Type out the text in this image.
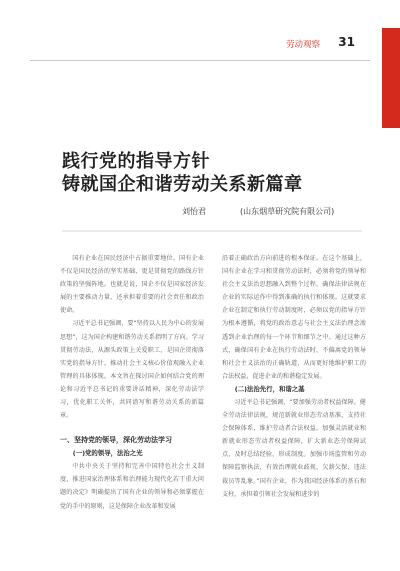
劳动观察 31
践行党的指导方针
铸就国企和谐劳动关系新篇章
刘怡君	(山东烟草研究院有限公司)

国有企业在国民经济中占据重要地位。国有企业不仅是国民经济的坚实基础，更是贯彻党的路线方针政策的坚强阵地。也就是说，国企不仅是国家经济发展的主要推动力量，还承担着重要的社会责任和政治使命。

习近平总书记强调，要“坚持以人民为中心的发展思想”，这为国企构建和谐劳动关系指明了方向。学习贯彻劳动法，从源头政策上关爱职工，是国企贯彻落实党的指导方针、推动社会主义核心价值观融入企业管理的具体体现。本文旨在探讨国企如何结合党的理论和习近平总书记的重要讲话精神，深化劳动法学习，优化职工关怀，共同谱写和谐劳动关系的新篇章。

一、坚持党的领导，深化劳动法学习
(一)党的领导，法治之光

中共中央关于坚持和完善中国特色社会主义制度、推进国家治理体系和治理能力现代化若干重大问题的决定》明确提出了国有企业的领导和必须掌握在党的手中的原则，这是保障企业改革和发展

沿着正确政治方向前进的根本保证。在这个基础上，国有企业在学习和贯彻劳动法时，必须将党的领导和社会主义法治思想融入到整个过程，确保法律法规在企业的实际运作中得到准确的执行和体现。这就要求企业在制定和执行劳动制度时，必须以党的指导方针为根本遵循，将党的政治意志与社会主义法治理念渗透到企业治理的每一个环节和细节之中。通过这种方式，确保国有企业在执行劳动法时，不偏离党的领导和社会主义法治的正确轨道，从而更好地维护职工的合法权益，促进企业的和谐稳定发展。

(二)法治先行，和谐之基

习近平总书记强调，“要加强劳动者权益保障。健全劳动法律法规，规范新就业形态劳动基准，支持社会保障体系，维护劳动者合法权益。加强灵活就业和新就业形态劳动者权益保障，扩大新业态劳保障试点，及时总结经验，形成制度。加强市场监管和劳动保障监察执法，有效治理就业歧视、欠薪欠保、违法裁员等乱象。”国有企业，作为我国经济体系的基石和支柱，承担着引领社会发展和进步的
